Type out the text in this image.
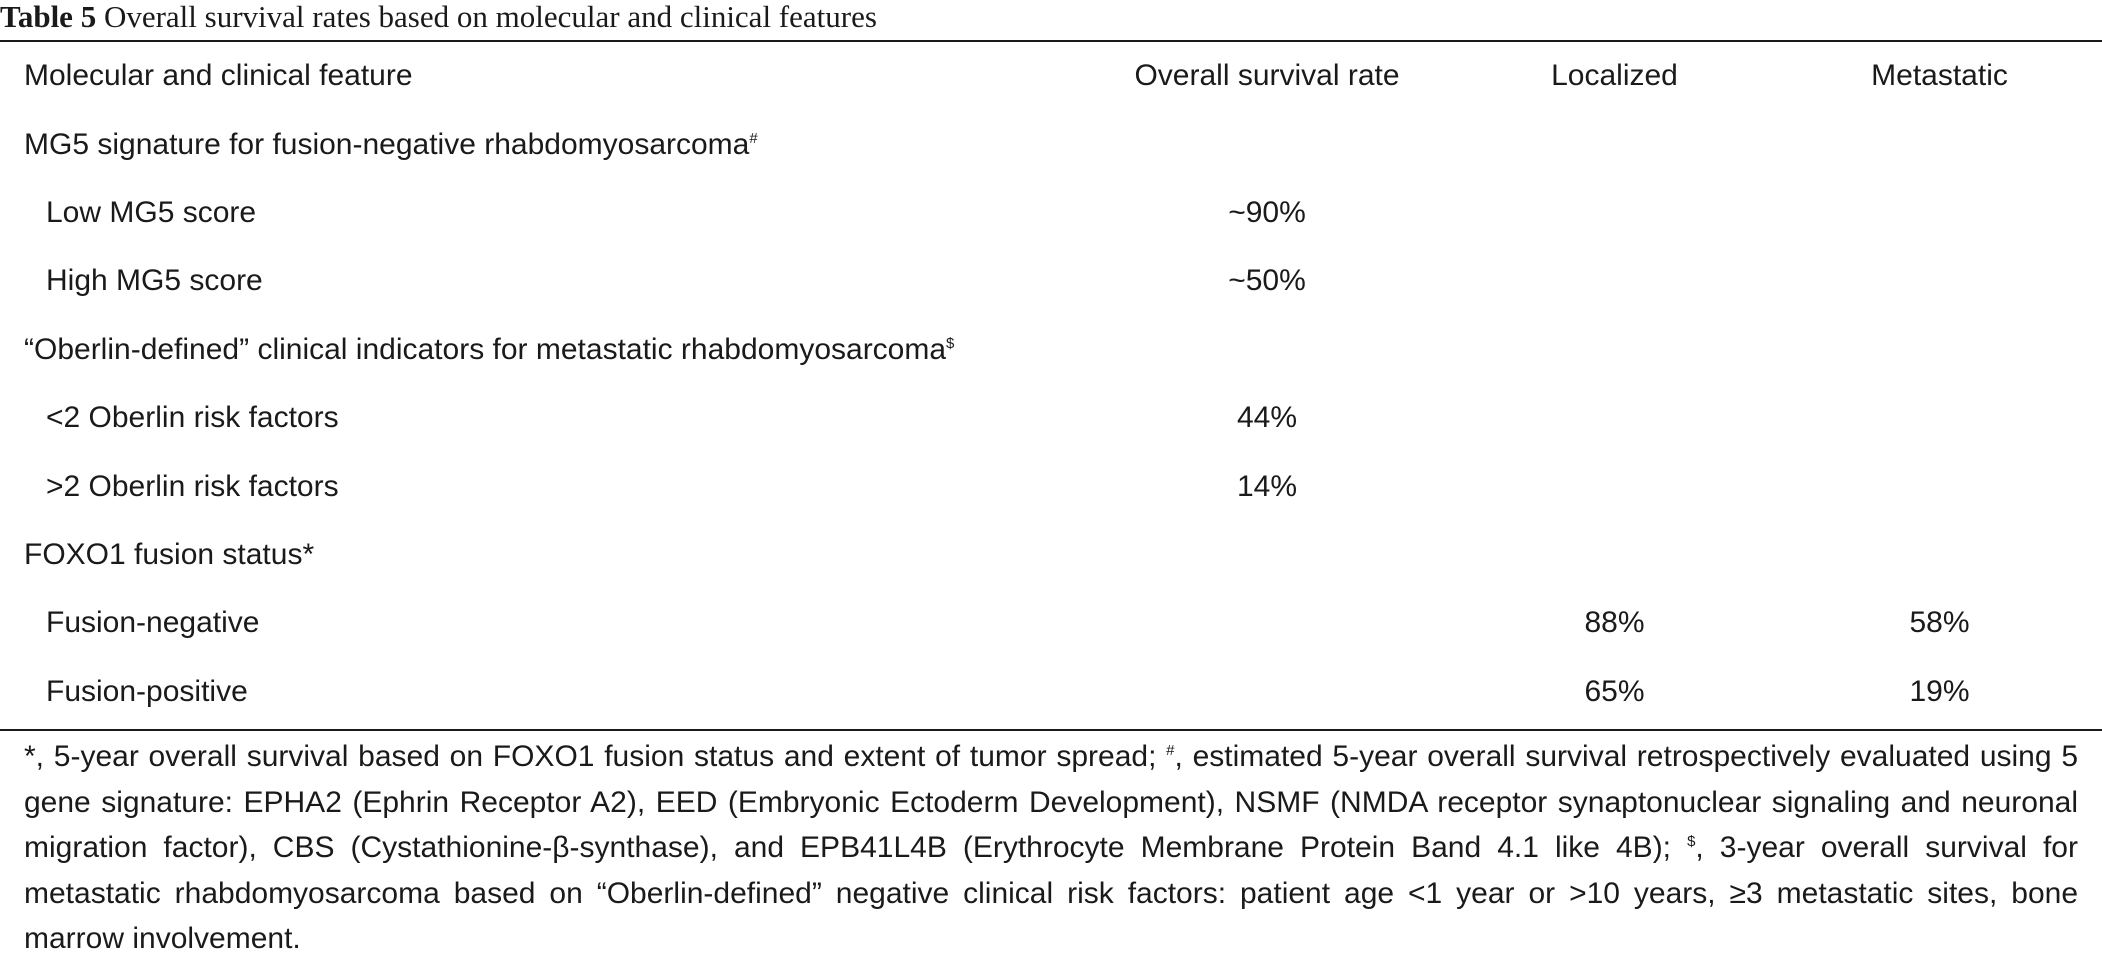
Table 5 Overall survival rates based on molecular and clinical features
Molecular and clinical feature	Overall survival rate	Localized	Metastatic
MG5 signature for fusion-negative rhabdomyosarcoma#			
Low MG5 score	~90%		
High MG5 score	~50%		
“Oberlin-defined” clinical indicators for metastatic rhabdomyosarcoma$			
<2 Oberlin risk factors	44%		
>2 Oberlin risk factors	14%		
FOXO1 fusion status*			
Fusion-negative		88%	58%
Fusion-positive		65%	19%
*, 5-year overall survival based on FOXO1 fusion status and extent of tumor spread; #, estimated 5-year overall survival retrospectively evaluated using 5 gene signature: EPHA2 (Ephrin Receptor A2), EED (Embryonic Ectoderm Development), NSMF (NMDA receptor synaptonuclear signaling and neuronal migration factor), CBS (Cystathionine-β-synthase), and EPB41L4B (Erythrocyte Membrane Protein Band 4.1 like 4B); $, 3-year overall survival for metastatic rhabdomyosarcoma based on “Oberlin-defined” negative clinical risk factors: patient age <1 year or >10 years, ≥3 metastatic sites, bone marrow involvement.
